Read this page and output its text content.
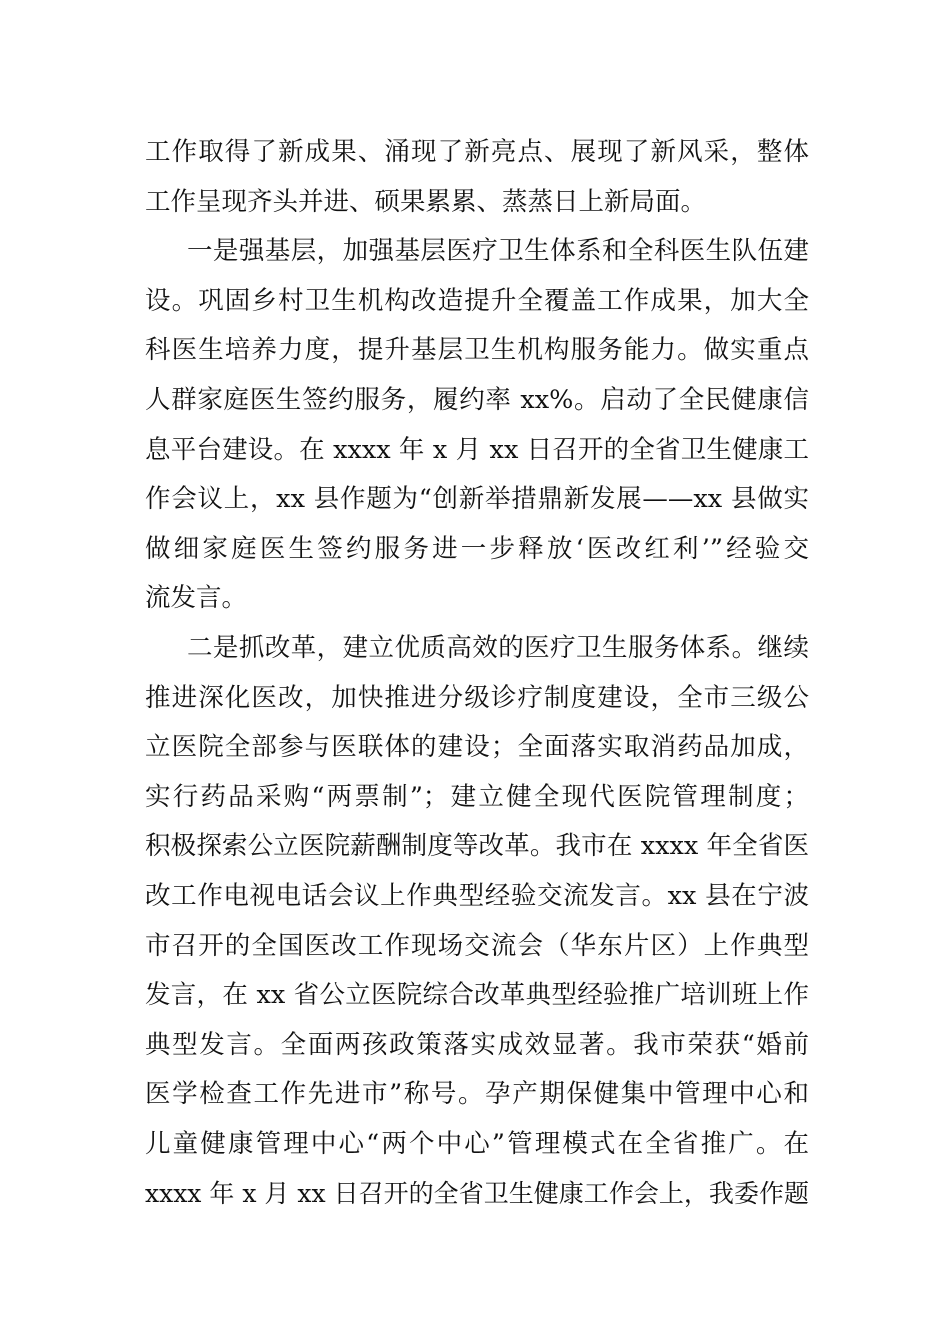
工作取得了新成果、涌现了新亮点、展现了新风采，整体
工作呈现齐头并进、硕果累累、蒸蒸日上新局面。
一是强基层，加强基层医疗卫生体系和全科医生队伍建
设。巩固乡村卫生机构改造提升全覆盖工作成果，加大全
科医生培养力度，提升基层卫生机构服务能力。做实重点
人群家庭医生签约服务，履约率 xx%。启动了全民健康信
息平台建设。在 xxxx 年 x 月 xx 日召开的全省卫生健康工
作会议上，xx 县作题为“创新举措鼎新发展——xx 县做实
做细家庭医生签约服务进一步释放‘医改红利’”经验交
流发言。
二是抓改革，建立优质高效的医疗卫生服务体系。继续
推进深化医改，加快推进分级诊疗制度建设，全市三级公
立医院全部参与医联体的建设；全面落实取消药品加成，
实行药品采购“两票制”；建立健全现代医院管理制度；
积极探索公立医院薪酬制度等改革。我市在 xxxx 年全省医
改工作电视电话会议上作典型经验交流发言。xx 县在宁波
市召开的全国医改工作现场交流会（华东片区）上作典型
发言，在 xx 省公立医院综合改革典型经验推广培训班上作
典型发言。全面两孩政策落实成效显著。我市荣获“婚前
医学检查工作先进市”称号。孕产期保健集中管理中心和
儿童健康管理中心“两个中心”管理模式在全省推广。在
xxxx 年 x 月 xx 日召开的全省卫生健康工作会上，我委作题
